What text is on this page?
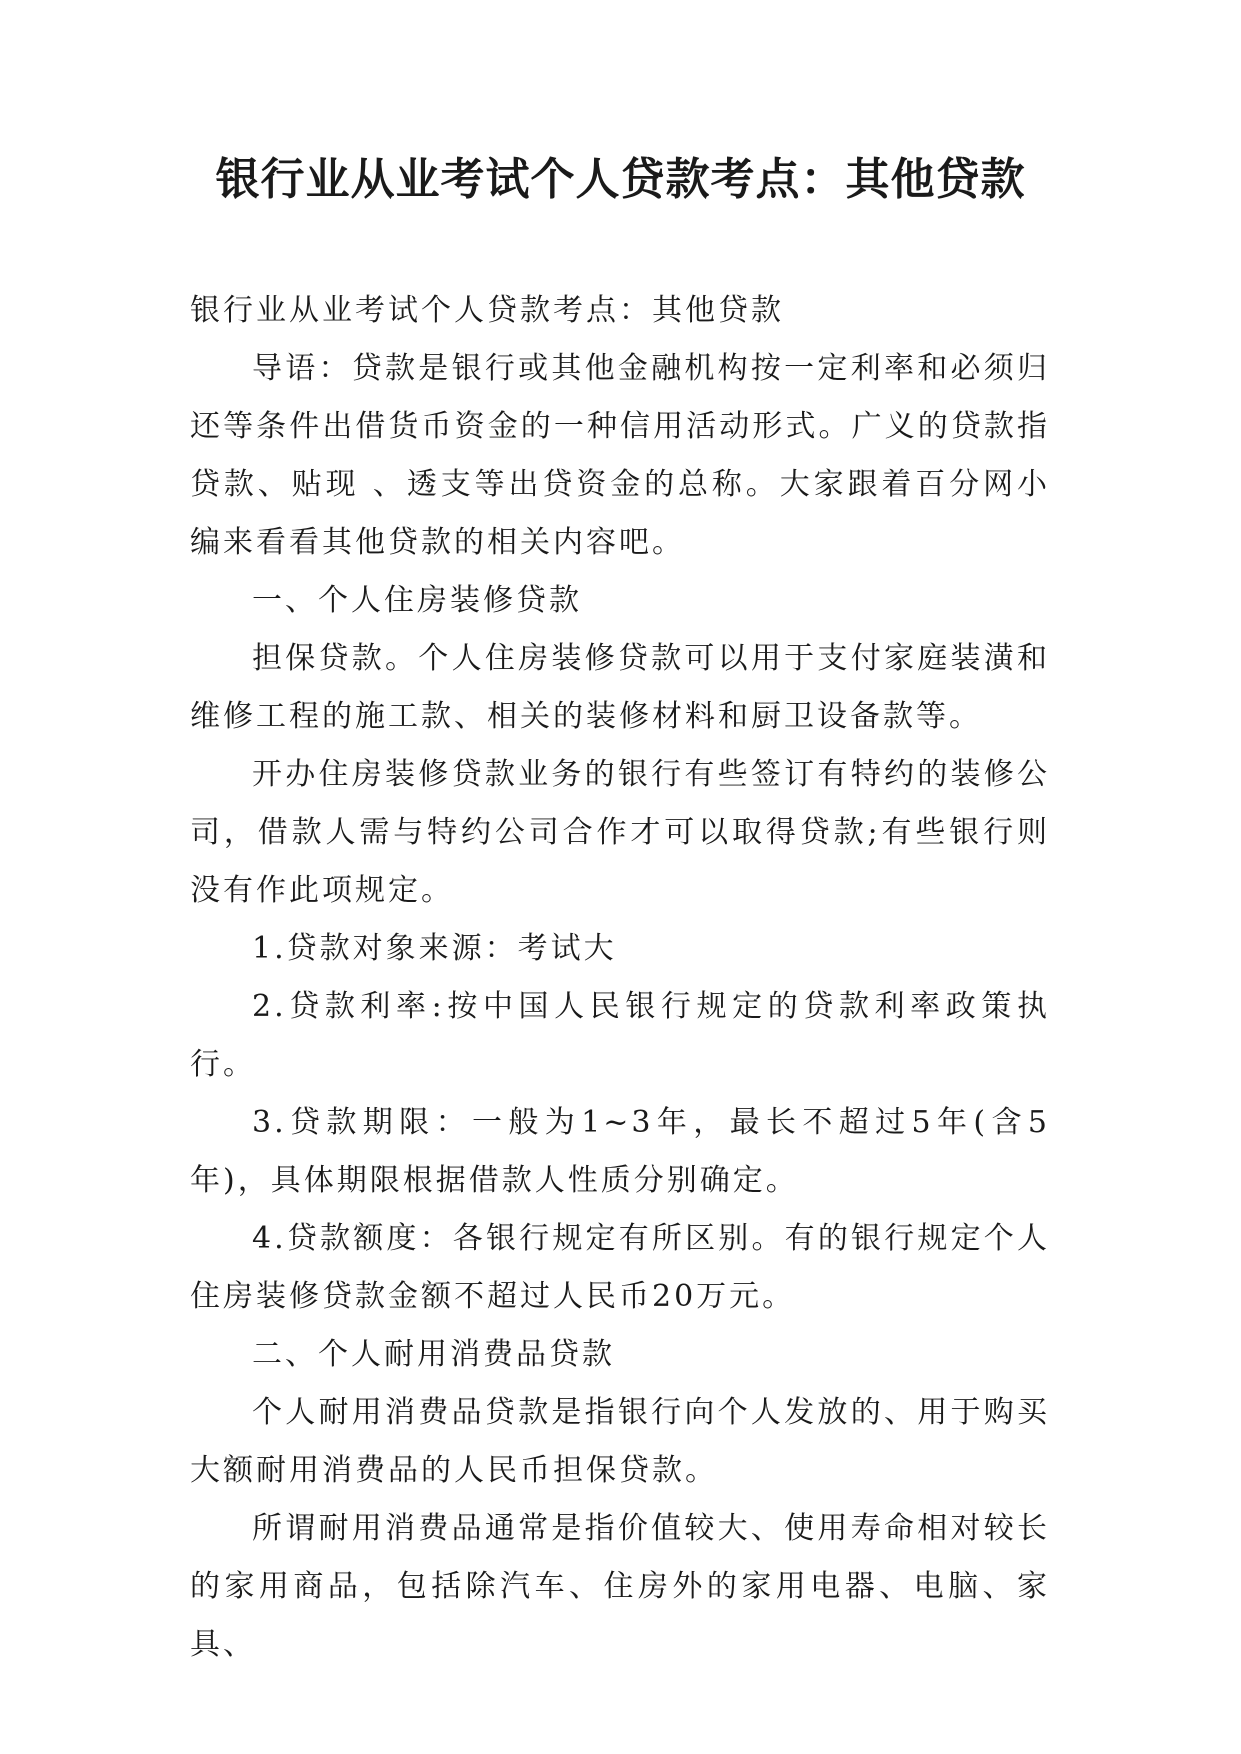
银行业从业考试个人贷款考点：其他贷款

银行业从业考试个人贷款考点：其他贷款

导语：贷款是银行或其他金融机构按一定利率和必须归还等条件出借货币资金的一种信用活动形式。广义的贷款指贷款、贴现 、透支等出贷资金的总称。大家跟着百分网小编来看看其他贷款的相关内容吧。

一、个人住房装修贷款

担保贷款。个人住房装修贷款可以用于支付家庭装潢和维修工程的施工款、相关的装修材料和厨卫设备款等。

开办住房装修贷款业务的银行有些签订有特约的装修公司，借款人需与特约公司合作才可以取得贷款;有些银行则没有作此项规定。

1.贷款对象来源：考试大

2.贷款利率:按中国人民银行规定的贷款利率政策执行。

3.贷款期限：一般为1~3年，最长不超过5年(含5年)，具体期限根据借款人性质分别确定。

4.贷款额度：各银行规定有所区别。有的银行规定个人住房装修贷款金额不超过人民币20万元。

二、个人耐用消费品贷款

个人耐用消费品贷款是指银行向个人发放的、用于购买大额耐用消费品的人民币担保贷款。

所谓耐用消费品通常是指价值较大、使用寿命相对较长的家用商品，包括除汽车、住房外的家用电器、电脑、家具、
